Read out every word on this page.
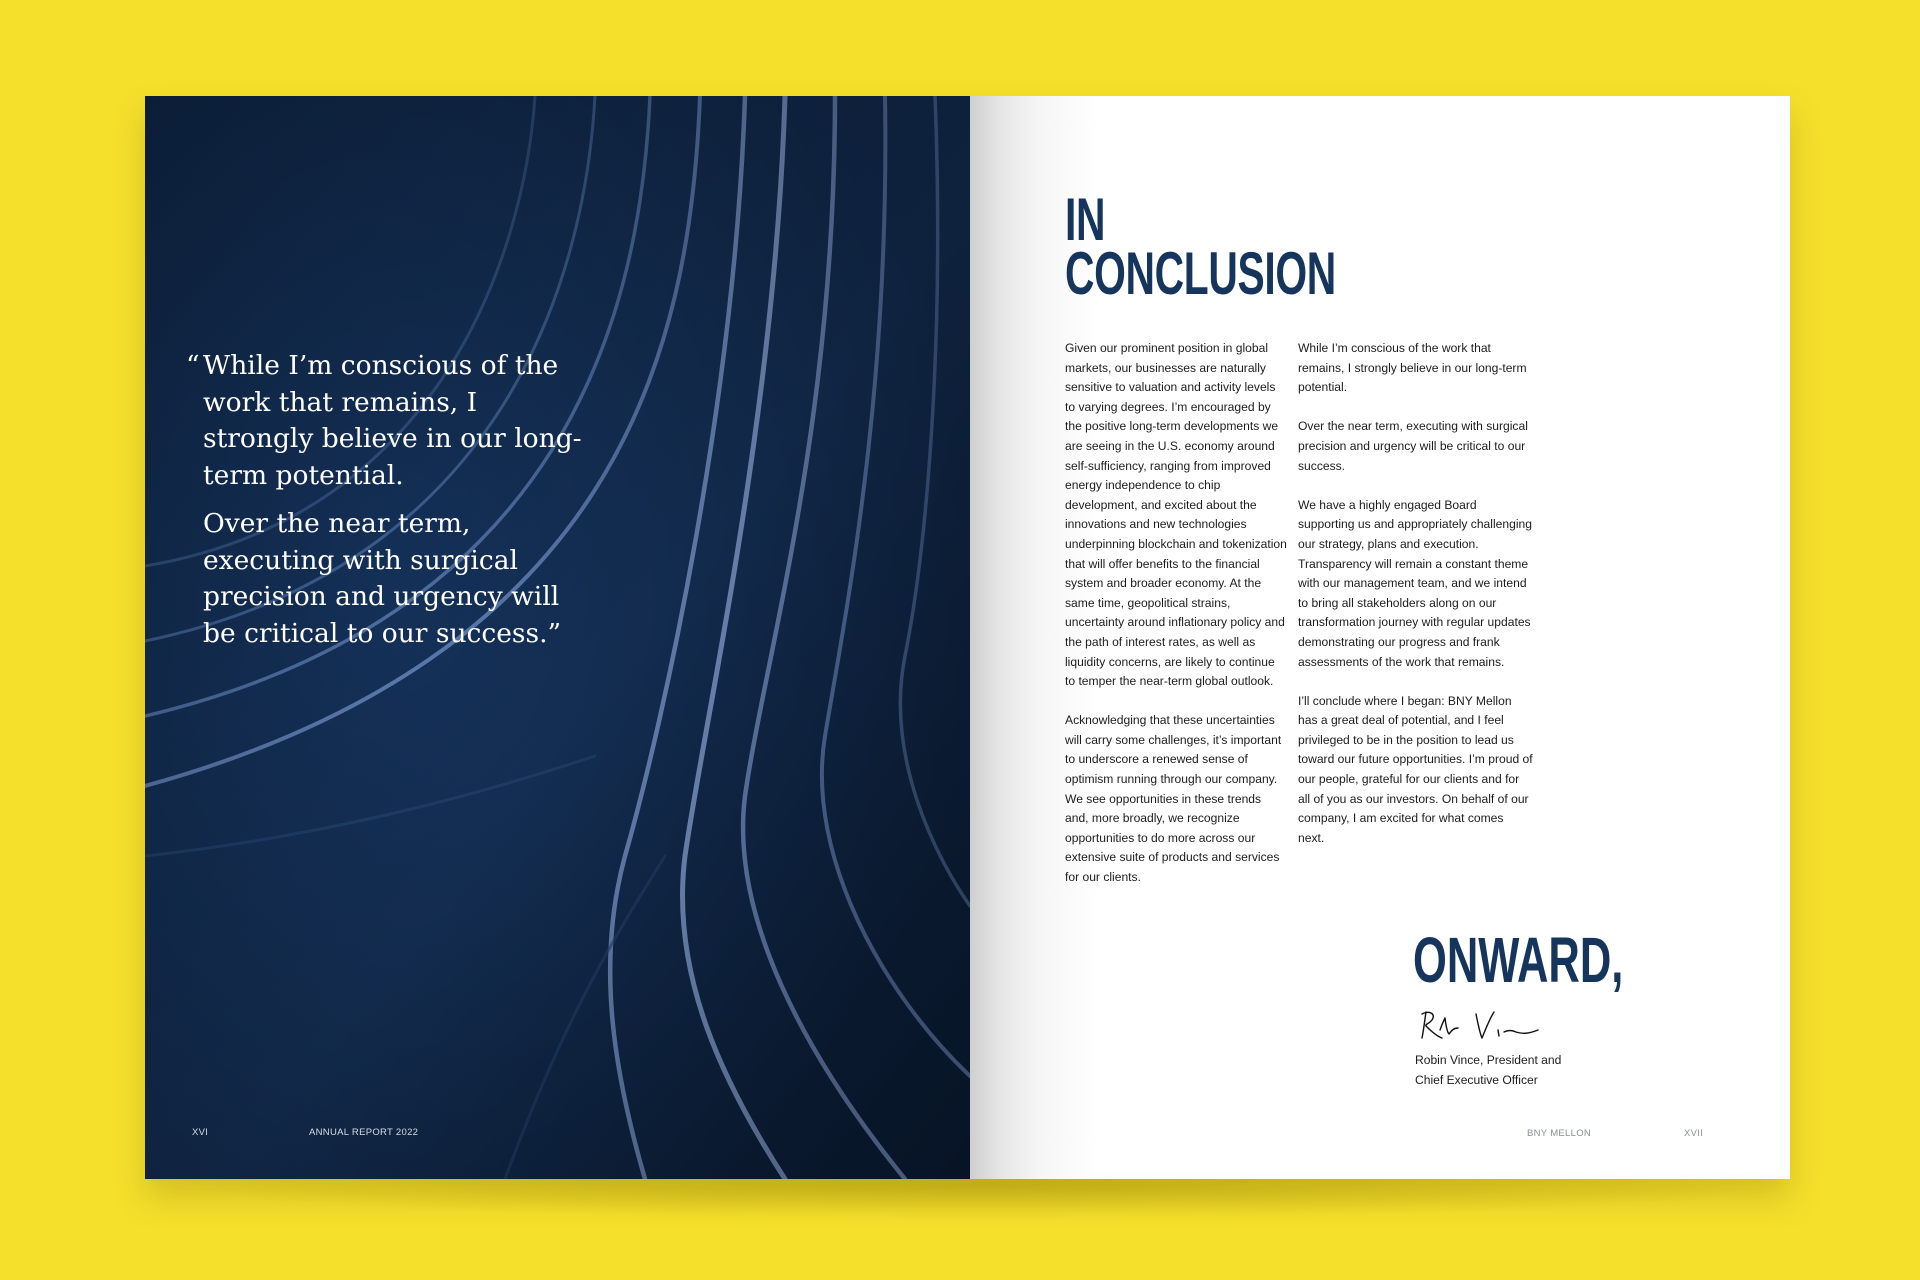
“ While I’m conscious of the work that remains, I strongly believe in our long-term potential.

Over the near term, executing with surgical precision and urgency will be critical to our success.”

XVI	ANNUAL REPORT 2022
IN
CONCLUSION

Given our prominent position in global markets, our businesses are naturally sensitive to valuation and activity levels to varying degrees. I’m encouraged by the positive long-term developments we are seeing in the U.S. economy around self-sufficiency, ranging from improved energy independence to chip development, and excited about the innovations and new technologies underpinning blockchain and tokenization that will offer benefits to the financial system and broader economy. At the same time, geopolitical strains, uncertainty around inflationary policy and the path of interest rates, as well as liquidity concerns, are likely to continue to temper the near-term global outlook.

Acknowledging that these uncertainties will carry some challenges, it’s important to underscore a renewed sense of optimism running through our company. We see opportunities in these trends and, more broadly, we recognize opportunities to do more across our extensive suite of products and services for our clients.

While I’m conscious of the work that remains, I strongly believe in our long-term potential.

Over the near term, executing with surgical precision and urgency will be critical to our success.

We have a highly engaged Board supporting us and appropriately challenging our strategy, plans and execution. Transparency will remain a constant theme with our management team, and we intend to bring all stakeholders along on our transformation journey with regular updates demonstrating our progress and frank assessments of the work that remains.

I’ll conclude where I began: BNY Mellon has a great deal of potential, and I feel privileged to be in the position to lead us toward our future opportunities. I’m proud of our people, grateful for our clients and for all of you as our investors. On behalf of our company, I am excited for what comes next.

ONWARD,
Robin Vince, President and
Chief Executive Officer
BNY MELLON	XVII
